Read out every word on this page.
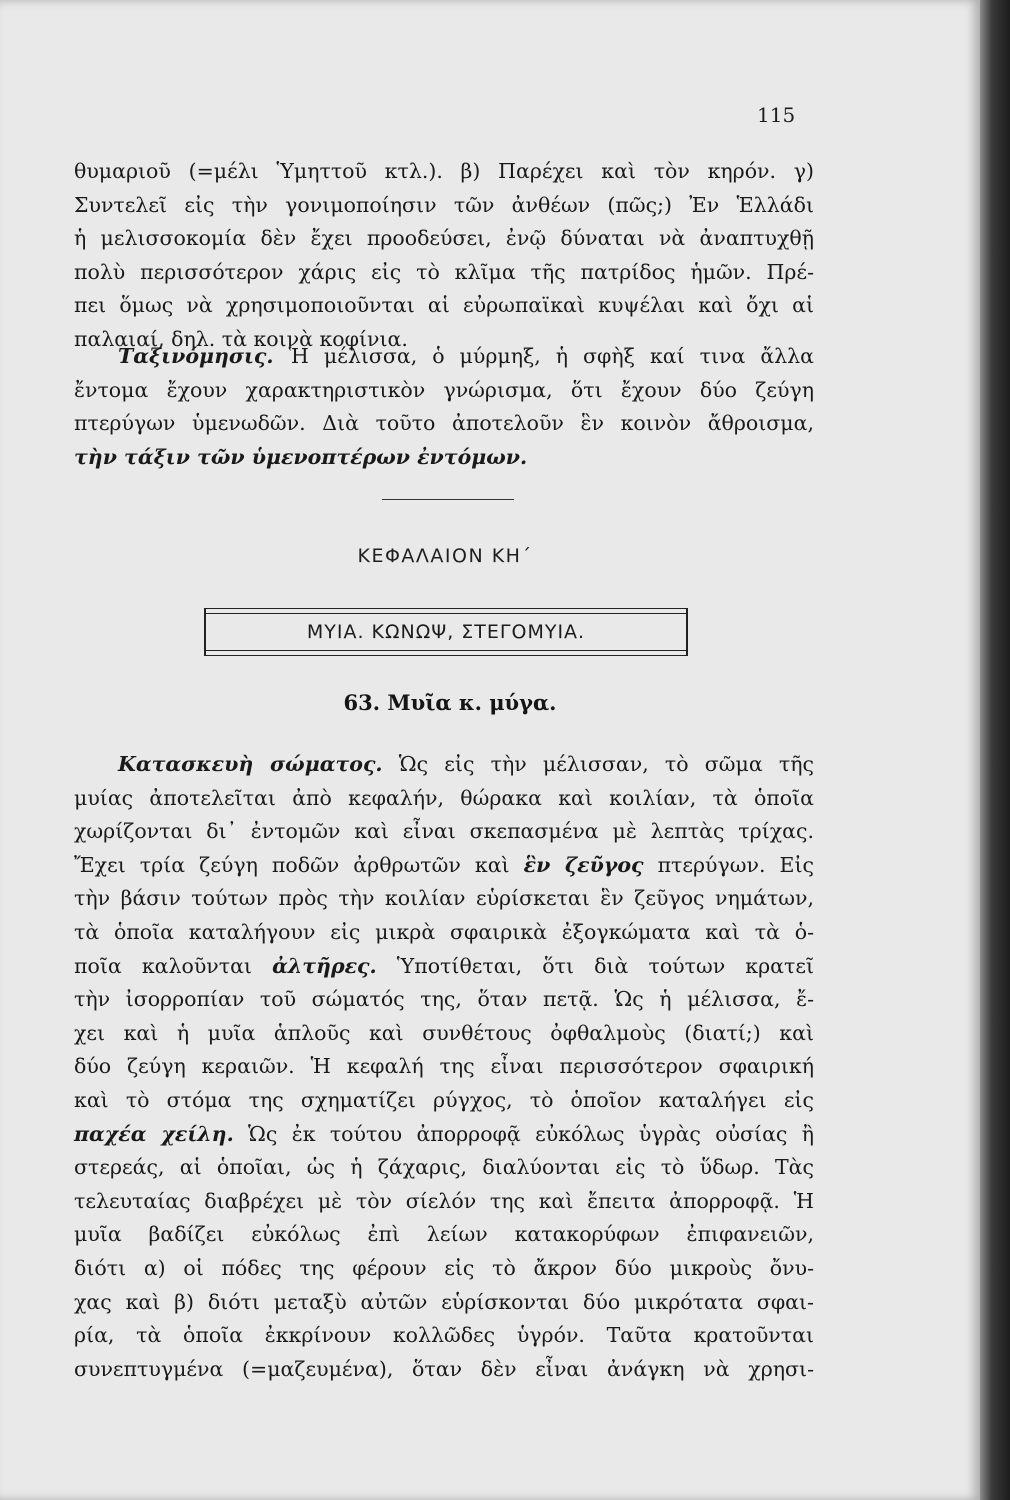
115
θυμαριοῦ (=μέλι Ὑμηττοῦ κτλ.). β) Παρέχει καὶ τὸν κηρόν. γ)
Συντελεῖ εἰς τὴν γονιμοποίησιν τῶν ἀνθέων (πῶς;) Ἐν Ἑλλάδι
ἡ μελισσοκομία δὲν ἔχει προοδεύσει, ἐνῷ δύναται νὰ ἀναπτυχθῇ
πολὺ περισσότερον χάρις εἰς τὸ κλῖμα τῆς πατρίδος ἡμῶν. Πρέ-
πει ὅμως νὰ χρησιμοποιοῦνται αἱ εὐρωπαϊκαὶ κυψέλαι καὶ ὄχι αἱ
παλαιαί, δηλ. τὰ κοινὰ κοφίνια.
Ταξινόμησις. Ἡ μέλισσα, ὁ μύρμηξ, ἡ σφὴξ καί τινα ἄλλα
ἔντομα ἔχουν χαρακτηριστικὸν γνώρισμα, ὅτι ἔχουν δύο ζεύγη
πτερύγων ὑμενωδῶν. Διὰ τοῦτο ἀποτελοῦν ἓν κοινὸν ἄθροισμα,
τὴν τάξιν τῶν ὑμενοπτέρων ἐντόμων.
ΚΕΦΑΛΑΙΟΝ ΚΗ΄
ΜΥΙΑ. ΚΩΝΩΨ, ΣΤΕΓΟΜΥΙΑ.
63. Μυῖα κ. μύγα.
Κατασκευὴ σώματος. Ὡς εἰς τὴν μέλισσαν, τὸ σῶμα τῆς
μυίας ἀποτελεῖται ἀπὸ κεφαλήν, θώρακα καὶ κοιλίαν, τὰ ὁποῖα
χωρίζονται δι᾽ ἐντομῶν καὶ εἶναι σκεπασμένα μὲ λεπτὰς τρίχας.
Ἔχει τρία ζεύγη ποδῶν ἀρθρωτῶν καὶ ἓν ζεῦγος πτερύγων. Εἰς
τὴν βάσιν τούτων πρὸς τὴν κοιλίαν εὑρίσκεται ἓν ζεῦγος νημάτων,
τὰ ὁποῖα καταλήγουν εἰς μικρὰ σφαιρικὰ ἐξογκώματα καὶ τὰ ὁ-
ποῖα καλοῦνται ἀλτῆρες. Ὑποτίθεται, ὅτι διὰ τούτων κρατεῖ
τὴν ἰσορροπίαν τοῦ σώματός της, ὅταν πετᾷ. Ὡς ἡ μέλισσα, ἔ-
χει καὶ ἡ μυῖα ἁπλοῦς καὶ συνθέτους ὀφθαλμοὺς (διατί;) καὶ
δύο ζεύγη κεραιῶν. Ἡ κεφαλή της εἶναι περισσότερον σφαιρική
καὶ τὸ στόμα της σχηματίζει ρύγχος, τὸ ὁποῖον καταλήγει εἰς
παχέα χείλη. Ὡς ἐκ τούτου ἀπορροφᾷ εὐκόλως ὑγρὰς οὐσίας ἢ
στερεάς, αἱ ὁποῖαι, ὡς ἡ ζάχαρις, διαλύονται εἰς τὸ ὕδωρ. Τὰς
τελευταίας διαβρέχει μὲ τὸν σίελόν της καὶ ἔπειτα ἀπορροφᾷ. Ἡ
μυῖα βαδίζει εὐκόλως ἐπὶ λείων κατακορύφων ἐπιφανειῶν,
διότι α) οἱ πόδες της φέρουν εἰς τὸ ἄκρον δύο μικροὺς ὄνυ-
χας καὶ β) διότι μεταξὺ αὐτῶν εὑρίσκονται δύο μικρότατα σφαι-
ρία, τὰ ὁποῖα ἐκκρίνουν κολλῶδες ὑγρόν. Ταῦτα κρατοῦνται
συνεπτυγμένα (=μαζευμένα), ὅταν δὲν εἶναι ἀνάγκη νὰ χρησι-
